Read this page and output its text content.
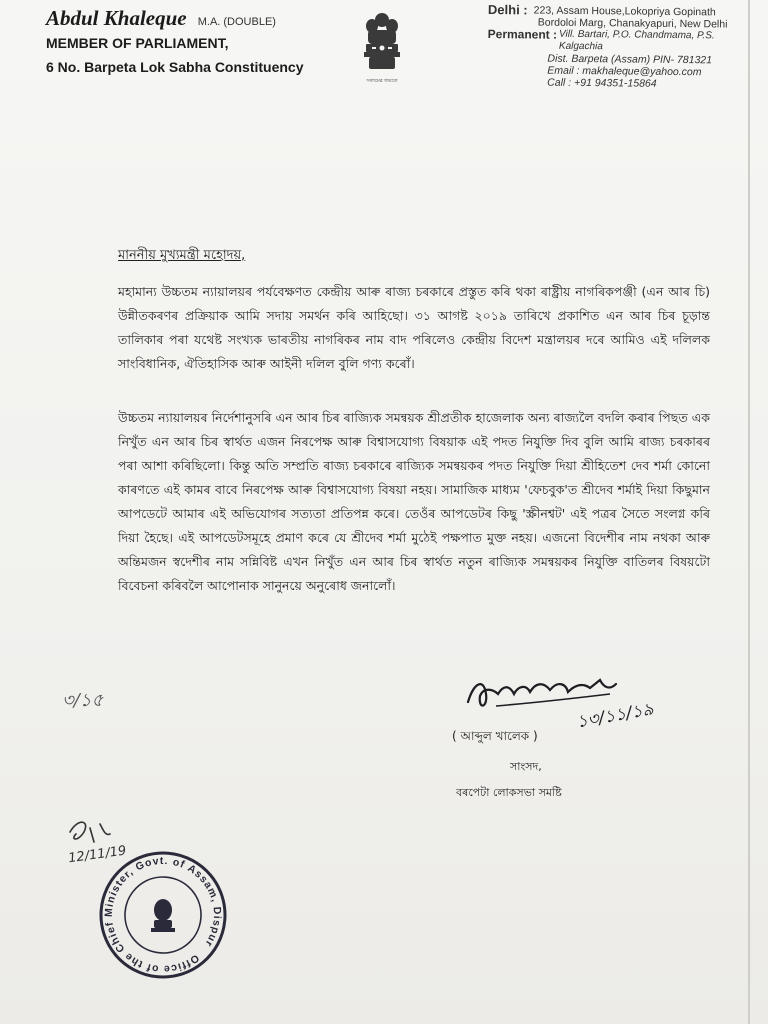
Abdul Khaleque M.A. (DOUBLE)
MEMBER OF PARLIAMENT,
6 No. Barpeta Lok Sabha Constituency
সত্যমেৱ জয়তে
Delhi : 223, Assam House,Lokopriya Gopinath
Bordoloi Marg, Chanakyapuri, New Delhi
Permanent : Vill. Bartari, P.O. Chandmama, P.S. Kalgachia
Dist. Barpeta (Assam) PIN- 781321
Email : makhaleque@yahoo.com
Call : +91 94351-15864
মাননীয় মুখ্যমন্ত্ৰী মহোদয়,
মহামান্য উচ্চতম ন্যায়ালয়ৰ পৰ্যবেক্ষণত কেন্দ্ৰীয় আৰু ৰাজ্য চৰকাৰে প্ৰস্তুত কৰি থকা ৰাষ্ট্ৰীয় নাগৰিকপঞ্জী (এন আৰ চি) উন্নীতকৰণৰ প্ৰক্ৰিয়াক আমি সদায় সমৰ্থন কৰি আহিছো। ৩১ আগষ্ট ২০১৯ তাৰিখে প্ৰকাশিত এন আৰ চিৰ চূড়ান্ত তালিকাৰ পৰা যথেষ্ট সংখ্যক ভাৰতীয় নাগৰিকৰ নাম বাদ পৰিলেও কেন্দ্ৰীয় বিদেশ মন্ত্ৰালয়ৰ দৰে আমিও এই দলিলক সাংবিধানিক, ঐতিহাসিক আৰু আইনী দলিল বুলি গণ্য কৰোঁ।
উচ্চতম ন্যায়ালয়ৰ নিৰ্দেশানুসৰি এন আৰ চিৰ ৰাজ্যিক সমন্বয়ক শ্ৰীপ্ৰতীক হাজেলাক অন্য ৰাজ্যলৈ বদলি কৰাৰ পিছত এক নিখুঁত এন আৰ চিৰ স্বাৰ্থত এজন নিৰপেক্ষ আৰু বিশ্বাসযোগ্য বিষয়াক এই পদত নিযুক্তি দিব বুলি আমি ৰাজ্য চৰকাৰৰ পৰা আশা কৰিছিলো। কিন্তু অতি সম্প্ৰতি ৰাজ্য চৰকাৰে ৰাজ্যিক সমন্বয়কৰ পদত নিযুক্তি দিয়া শ্ৰীহিতেশ দেব শৰ্মা কোনো কাৰণতে এই কামৰ বাবে নিৰপেক্ষ আৰু বিশ্বাসযোগ্য বিষয়া নহয়। সামাজিক মাধ্যম 'ফেচবুক'ত শ্ৰীদেব শৰ্মাই দিয়া কিছুমান আপডেটে আমাৰ এই অভিযোগৰ সত্যতা প্ৰতিপন্ন কৰে। তেওঁৰ আপডেটৰ কিছু 'স্ক্ৰীনশ্বট' এই পত্ৰৰ সৈতে সংলগ্ন কৰি দিয়া হৈছে। এই আপডেটসমূহে প্ৰমাণ কৰে যে শ্ৰীদেব শৰ্মা মুঠেই পক্ষপাত মুক্ত নহয়। এজনো বিদেশীৰ নাম নথকা আৰু অন্তিমজন স্বদেশীৰ নাম সন্নিবিষ্ট এখন নিখুঁত এন আৰ চিৰ স্বাৰ্থত নতুন ৰাজ্যিক সমন্বয়কৰ নিযুক্তি বাতিলৰ বিষয়টো বিবেচনা কৰিবলৈ আপোনাক সানুনয়ে অনুৰোধ জনালোঁ।
৩/১৫	১৩/১১/১৯
( আব্দুল খালেক )
সাংসদ,
বৰপেটা লোকসভা সমষ্টি
12/11/19
Office of the Chief Minister, Govt. of Assam, Dispur
